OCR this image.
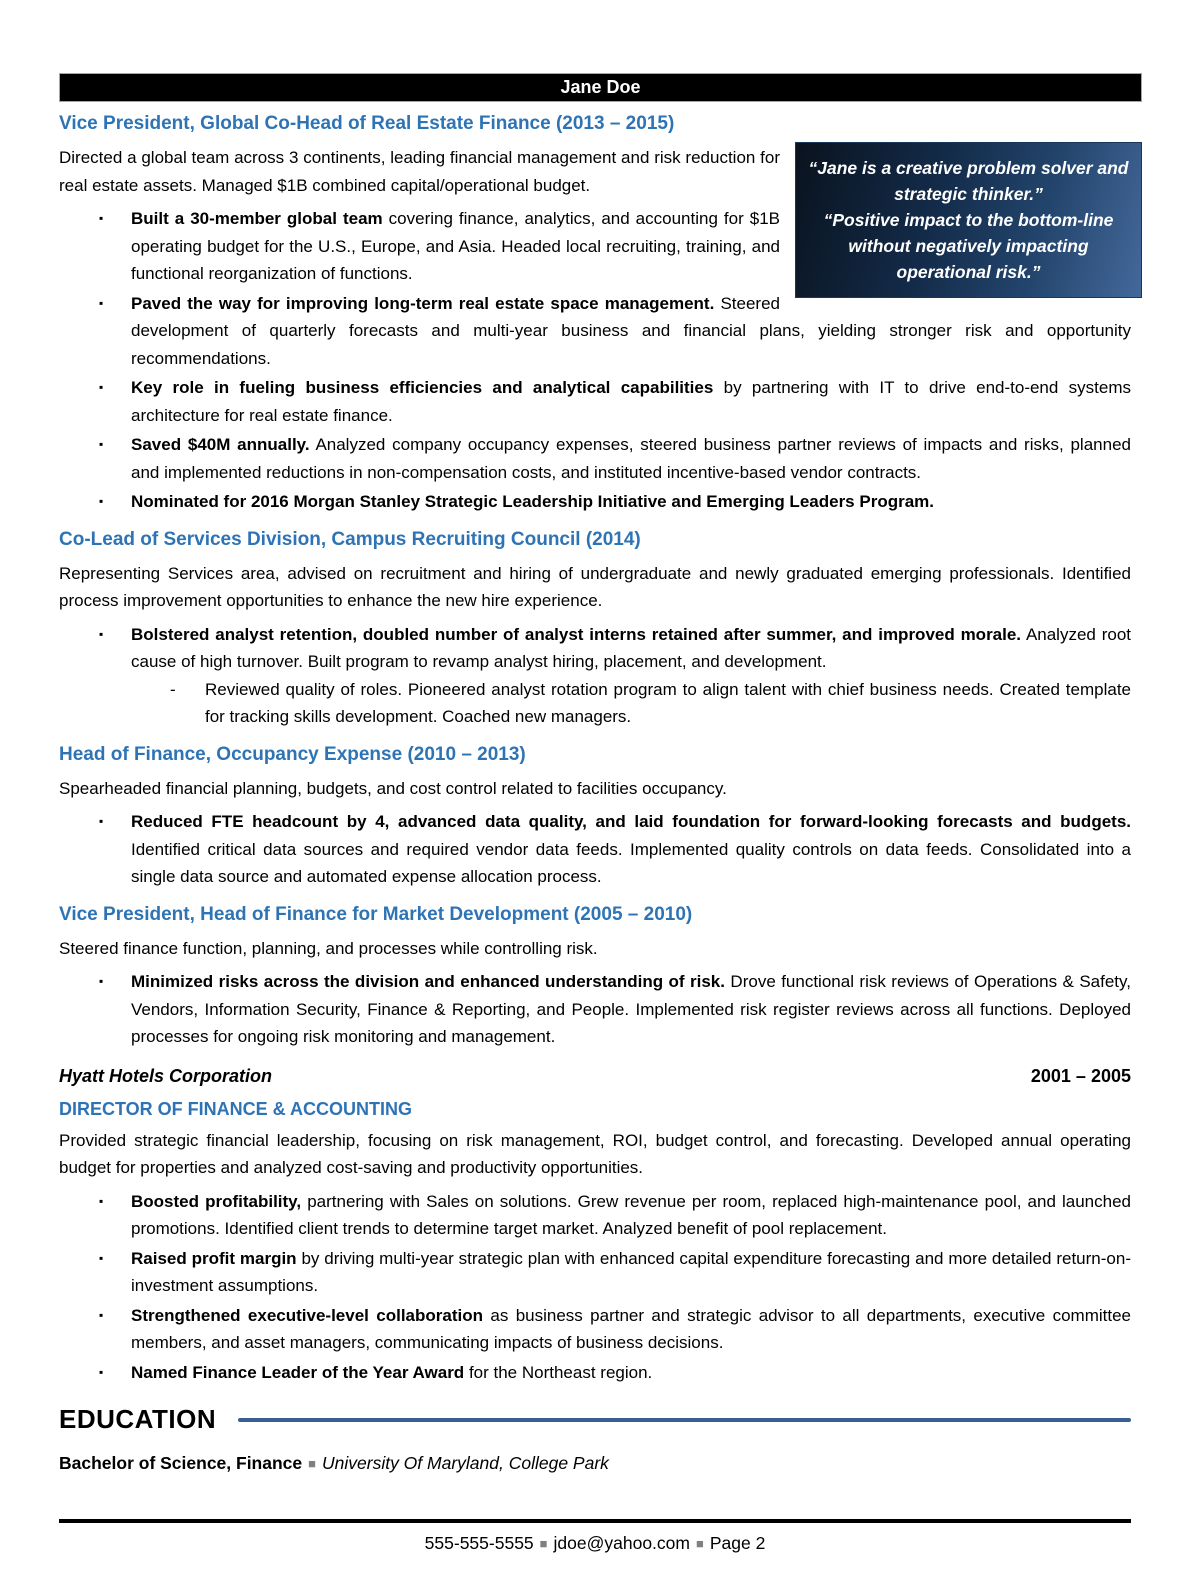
Jane Doe
“Jane is a creative problem solver and strategic thinker.”
“Positive impact to the bottom-line without negatively impacting operational risk.”
Vice President, Global Co-Head of Real Estate Finance (2013 – 2015)

Directed a global team across 3 continents, leading financial management and risk reduction for real estate assets. Managed $1B combined capital/operational budget.

▪ Built a 30-member global team covering finance, analytics, and accounting for $1B operating budget for the U.S., Europe, and Asia. Headed local recruiting, training, and functional reorganization of functions.
▪ Paved the way for improving long-term real estate space management. Steered development of quarterly forecasts and multi-year business and financial plans, yielding stronger risk and opportunity recommendations.
▪ Key role in fueling business efficiencies and analytical capabilities by partnering with IT to drive end-to-end systems architecture for real estate finance.
▪ Saved $40M annually. Analyzed company occupancy expenses, steered business partner reviews of impacts and risks, planned and implemented reductions in non-compensation costs, and instituted incentive-based vendor contracts.
▪ Nominated for 2016 Morgan Stanley Strategic Leadership Initiative and Emerging Leaders Program.
Co-Lead of Services Division, Campus Recruiting Council (2014)

Representing Services area, advised on recruitment and hiring of undergraduate and newly graduated emerging professionals. Identified process improvement opportunities to enhance the new hire experience.

▪ Bolstered analyst retention, doubled number of analyst interns retained after summer, and improved morale. Analyzed root cause of high turnover. Built program to revamp analyst hiring, placement, and development.
- Reviewed quality of roles. Pioneered analyst rotation program to align talent with chief business needs. Created template for tracking skills development. Coached new managers.
Head of Finance, Occupancy Expense (2010 – 2013)

Spearheaded financial planning, budgets, and cost control related to facilities occupancy.

▪ Reduced FTE headcount by 4, advanced data quality, and laid foundation for forward-looking forecasts and budgets. Identified critical data sources and required vendor data feeds. Implemented quality controls on data feeds. Consolidated into a single data source and automated expense allocation process.
Vice President, Head of Finance for Market Development (2005 – 2010)

Steered finance function, planning, and processes while controlling risk.

▪ Minimized risks across the division and enhanced understanding of risk. Drove functional risk reviews of Operations & Safety, Vendors, Information Security, Finance & Reporting, and People. Implemented risk register reviews across all functions. Deployed processes for ongoing risk monitoring and management.
Hyatt Hotels Corporation	2001 – 2005
DIRECTOR OF FINANCE & ACCOUNTING

Provided strategic financial leadership, focusing on risk management, ROI, budget control, and forecasting. Developed annual operating budget for properties and analyzed cost-saving and productivity opportunities.

▪ Boosted profitability, partnering with Sales on solutions. Grew revenue per room, replaced high-maintenance pool, and launched promotions. Identified client trends to determine target market. Analyzed benefit of pool replacement.
▪ Raised profit margin by driving multi-year strategic plan with enhanced capital expenditure forecasting and more detailed return-on-investment assumptions.
▪ Strengthened executive-level collaboration as business partner and strategic advisor to all departments, executive committee members, and asset managers, communicating impacts of business decisions.
▪ Named Finance Leader of the Year Award for the Northeast region.
EDUCATION
Bachelor of Science, Finance ■ University Of Maryland, College Park
555-555-5555 ■ jdoe@yahoo.com ■ Page 2
